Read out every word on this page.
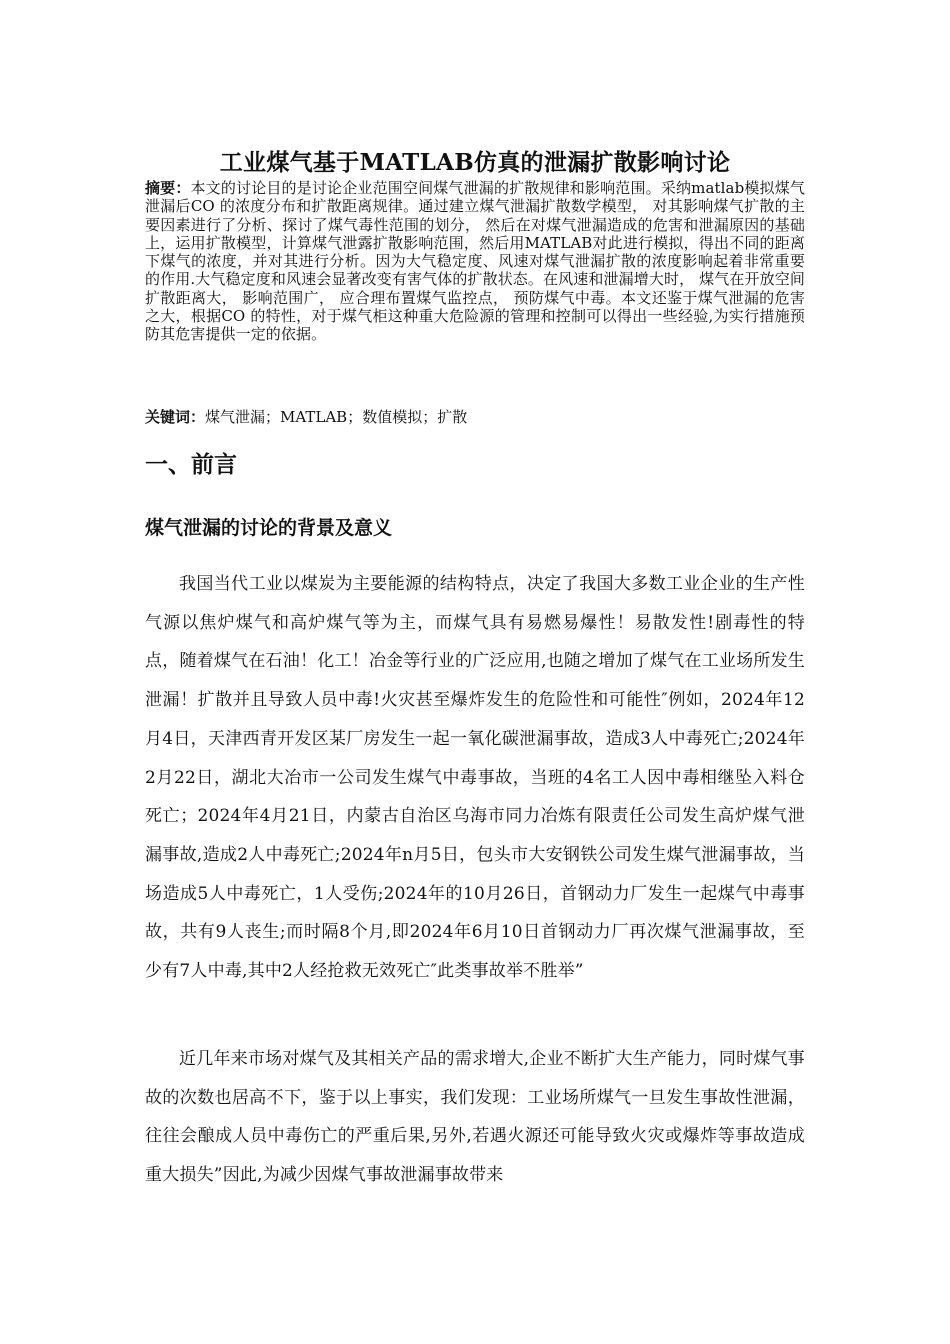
工业煤气基于MATLAB仿真的泄漏扩散影响讨论
摘要：本文的讨论目的是讨论企业范围空间煤气泄漏的扩散规律和影响范围。采纳matlab模拟煤气泄漏后CO 的浓度分布和扩散距离规律。通过建立煤气泄漏扩散数学模型， 对其影响煤气扩散的主要因素进行了分析、探讨了煤气毒性范围的划分， 然后在对煤气泄漏造成的危害和泄漏原因的基础上，运用扩散模型，计算煤气泄露扩散影响范围，然后用MATLAB对此进行模拟，得出不同的距离下煤气的浓度，并对其进行分析。因为大气稳定度、风速对煤气泄漏扩散的浓度影响起着非常重要的作用.大气稳定度和风速会显著改变有害气体的扩散状态。在风速和泄漏增大时， 煤气在开放空间扩散距离大， 影响范围广， 应合理布置煤气监控点， 预防煤气中毒。本文还鉴于煤气泄漏的危害之大，根据CO 的特性，对于煤气柜这种重大危险源的管理和控制可以得出一些经验,为实行措施预防其危害提供一定的依据。
关键词：煤气泄漏；MATLAB；数值模拟；扩散
一、前言
煤气泄漏的讨论的背景及意义
我国当代工业以煤炭为主要能源的结构特点，决定了我国大多数工业企业的生产性气源以焦炉煤气和高炉煤气等为主，而煤气具有易燃易爆性！易散发性!剧毒性的特点，随着煤气在石油！化工！冶金等行业的广泛应用,也随之增加了煤气在工业场所发生泄漏！扩散并且导致人员中毒!火灾甚至爆炸发生的危险性和可能性″例如，2024年12月4日，天津西青开发区某厂房发生一起一氧化碳泄漏事故，造成3人中毒死亡;2024年2月22日，湖北大冶市一公司发生煤气中毒事故，当班的4名工人因中毒相继坠入料仓死亡；2024年4月21日，内蒙古自治区乌海市同力冶炼有限责任公司发生高炉煤气泄漏事故,造成2人中毒死亡;2024年n月5日，包头市大安钢铁公司发生煤气泄漏事故，当场造成5人中毒死亡，1人受伤;2024年的10月26日，首钢动力厂发生一起煤气中毒事故，共有9人丧生;而时隔8个月,即2024年6月10日首钢动力厂再次煤气泄漏事故，至少有7人中毒,其中2人经抢救无效死亡″此类事故举不胜举”
近几年来市场对煤气及其相关产品的需求增大,企业不断扩大生产能力，同时煤气事故的次数也居高不下，鉴于以上事实，我们发现：工业场所煤气一旦发生事故性泄漏，往往会酿成人员中毒伤亡的严重后果,另外,若遇火源还可能导致火灾或爆炸等事故造成重大损失”因此,为减少因煤气事故泄漏事故带来
